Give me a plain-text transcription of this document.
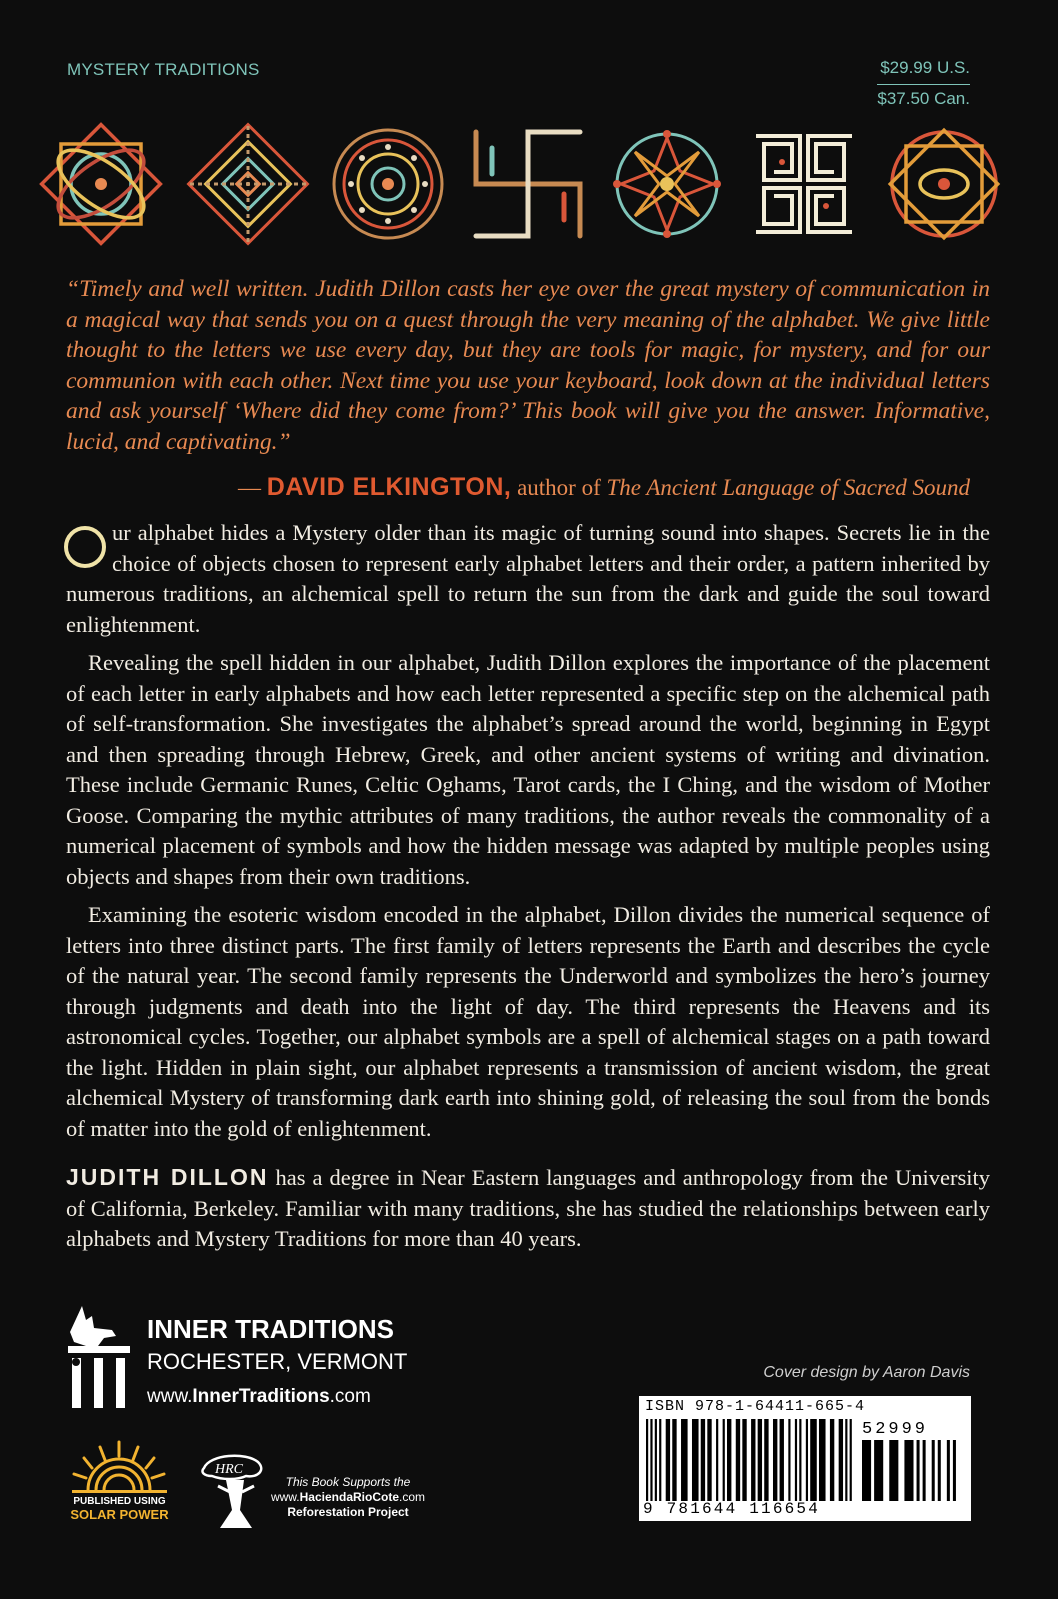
MYSTERY TRADITIONS	$29.99 U.S.
$37.50 Can.
“Timely and well written. Judith Dillon casts her eye over the great mystery of communication in a magical way that sends you on a quest through the very meaning of the alphabet. We give little thought to the letters we use every day, but they are tools for magic, for mystery, and for our communion with each other. Next time you use your keyboard, look down at the individual letters and ask yourself ‘Where did they come from?’ This book will give you the answer. Informative, lucid, and captivating.”
— DAVID ELKINGTON, author of The Ancient Language of Sacred Sound
ur alphabet hides a Mystery older than its magic of turning sound into shapes. Secrets lie in the choice of objects chosen to represent early alphabet letters and their order, a pattern inherited by numerous traditions, an alchemical spell to return the sun from the dark and guide the soul toward enlightenment.
Revealing the spell hidden in our alphabet, Judith Dillon explores the importance of the placement of each letter in early alphabets and how each letter represented a specific step on the alchemical path of self-transformation. She investigates the alphabet’s spread around the world, beginning in Egypt and then spreading through Hebrew, Greek, and other ancient systems of writing and divination. These include Germanic Runes, Celtic Oghams, Tarot cards, the I Ching, and the wisdom of Mother Goose. Comparing the mythic attributes of many traditions, the author reveals the commonality of a numerical placement of symbols and how the hidden message was adapted by multiple peoples using objects and shapes from their own traditions.
Examining the esoteric wisdom encoded in the alphabet, Dillon divides the numerical sequence of letters into three distinct parts. The first family of letters represents the Earth and describes the cycle of the natural year. The second family represents the Underworld and symbolizes the hero’s journey through judgments and death into the light of day. The third represents the Heavens and its astronomical cycles. Together, our alphabet symbols are a spell of alchemical stages on a path toward the light. Hidden in plain sight, our alphabet represents a transmission of ancient wisdom, the great alchemical Mystery of transforming dark earth into shining gold, of releasing the soul from the bonds of matter into the gold of enlightenment.
JUDITH DILLON has a degree in Near Eastern languages and anthropology from the University of California, Berkeley. Familiar with many traditions, she has studied the relationships between early alphabets and Mystery Traditions for more than 40 years.
INNER TRADITIONS
ROCHESTER, VERMONT
www.InnerTraditions.com
PUBLISHED USING
SOLAR POWER
HRC
This Book Supports the
www.HaciendaRioCote.com
Reforestation Project
Cover design by Aaron Davis
ISBN 978-1-64411-665-4
52999
9 781644 116654
